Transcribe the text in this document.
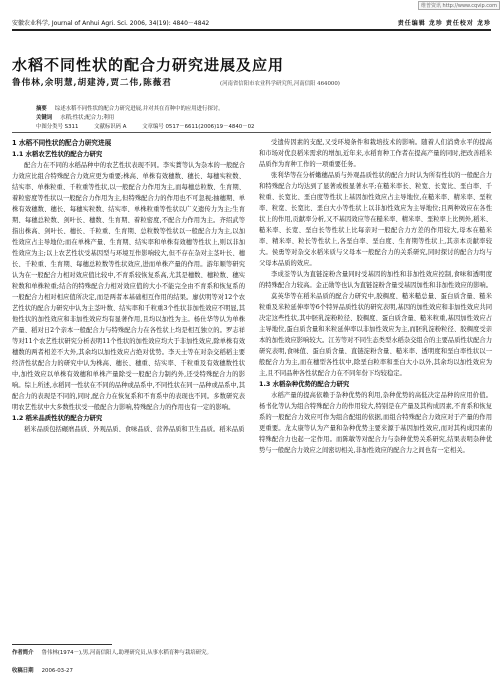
维普资讯 http://www.cqvip.com
安徽农业科学, Journal of Anhui Agri. Sci. 2006, 34(19): 4840－4842	责任编辑 龙珍 责任校对 龙珍
水稻不同性状的配合力研究进展及应用
鲁伟林,余明慧,胡建涛,贾二伟,陈薇君	(河南省信阳市农业科学研究所,河南信阳 464000)
摘要 综述水稻不同性状的配合力研究进展,并对其在育种中的应用进行探讨。
关键词 水稻;性状;配合力;利用
中图分类号 S311	文献标识码 A	文章编号 0517－6611(2006)19－4840－02
1 水稻不同性状的配合力研究进展
1.1 水稻农艺性状的配合力研究

配合力在不同的水稻品种中的农艺性状表现不同。李实蕡等认为杂本的一般配合力效应比组合特殊配合力效应更为重要;株高、单株有效穗数、穗长、每穗实粒数、结实率、单株粒重、千粒重等性状,以一般配合力作用为主,而每穗总粒数、生育期、着粒密度等性状以一般配合力作用为主,但特殊配合力的作用也不可忽视;抽穗期、单株有效穗数、穗长、每穗实粒数、结实率、单株粒重等性状以广义遗传力为主;生育期、每穗总粒数、剑叶长、穗数、生育期、着粒密度,不配合力作用为主。齐绍武等指出株高、剑叶长、穗长、千粒重、生育期、总粒数等性状以一般配合力为主,以加性效应占主导地位;而在单株产量、生育期、结实率和单株有效穗等性状上,则以非加性效应为主;以上农艺性状受基因型与环境互作影响较大,但不存在杂对主茎叶长、穗长、千粒重、生育期、每穗总粒数等性状效应,进而单株产量的作用。游年顺等研究认为在一般配合力相对效应值比较中,不育系较恢复系高,尤其是穗数、穗粒数、穗实粒数和单株粒重;结合的特殊配合力相对效应值的大小不能完全由不育系和恢复系的一般配合力相对相应值所决定,而是两者本基础相互作用的结果。廖伏明等对12个农艺性状的配合力研究中认为主茎叶数、结实率和千粒重3个性状非加性效应不明显,其他性状的加性效应和非加性效应均有显著作用,且均以加性为主。杨仕华等认为单株产量、稻对日2个亲本一般配合力与特殊配合力在各性状上均是相互独立的。罗志祥等对11个农艺性状研究分析表明11个性状的加性效应均大于非加性效应,除单株有效穗数的两者相差不大外,其余均以加性效应占绝对优势。李天土等在对杂交稻稻主要经济性状配合力的研究中认为株高、穗长、穗重、结实率、千粒重及有效穗数性状中,加性效应以单株有效穗和单株产量除受一般配合力制约外,还受特殊配合力的影响。综上所述,水稻同一性状在不同的品种或品系中,不同性状在同一品种或品系中,其配合力的表现是不同的,同时,配合力在恢复系和不育系中的表现也不同。多数研究表明农艺性状中大多数性状受一般配合力影响,特殊配合力的作用也有一定的影响。

1.2 稻米品质性状的配合力研究

稻米品质包括碾磨品质、外观品质、食味品质、营养品质和卫生品质。稻米品质

受遗传因素的支配,又受环境条件和栽培技术的影响。随着人们消费水平的提高和市场对优良稻米需求的增加,近年来,水稻育种工作者在提高产量的同时,把改善稻米品质作为育种工作的一项重要任务。

张利华等在分析嫩穗品质与外观品质性状的配合力时认为所有性状的一般配合力和特殊配合力均达到了显著或极显著水平;在糙米率长、粒宽、长宽比、垩白率、千粒重、长宽比、垩白度等性状上基因加性效应占主导地位,在糙米率、精米率、垩粒率、粒宽、长宽比、垩白大小等性状上以非加性效应为主导地位;且两种效应在各性状上的作用,贡献率分析,又不基因效应等在糙米率、精米率、垩粒率上比例外,稻米、糙米率、长宽、垩白长等性状上比每亲对一般配合力方差的作用较大,母本在糙米率、精米率、粒长等性状上,各垩白率、垩白度、生育期等性状上,其亲本贡献率较大。侯勇等对杂交水稻米质与父母本一般配合力的关系研究,同时探讨的配合力均与父母本品质的效应。

李成荃等认为直链淀粉含量同时受基因的加性和非加性效应控制,食味和透明度的特殊配合力较高。金正勋等也认为直链淀粉含量受基因加性和非加性效应的影响。

莫英华等在稻米品质的配合力研究中,胶稠度、糙米糙总量、蛋白质含量、糙米粒重及米粒延伸率等6个特异品质性状的研究表明,基因的加性效应和非加性效应共同决定这些性状,其中胚乳淀粉粒径、胶稠度、蛋白质含量、糙米粒重,基因加性效应占主导地位,蛋白质含量和米粒延伸率以非加性效应为主,而胚乳淀粉粒径、胶稠度受亲本的加性效应影响较大。江芳等对不同生态类型水稻杂交组合的主要品质性状配合力研究表明,食味值、蛋白质含量、直链淀粉含量、糙米率、透明度和垩白率性状以一般配合力为主,而在穗型各性状中,除垩白粒率和垩白大小以外,其余均以加性效应为主,且不同品种各性状配合力在不同年份下均较稳定。

1.3 水稻杂种优势的配合力研究

水稻产量的提高依赖于杂种优势的利用,杂种优势的高低决定品种的应用价值。杨书化等认为组合特殊配合力的作用较大,特别是在产量及其构成因素,不育系和恢复系的一般配合力效应可作为组合配组的依据,而组合特殊配合力效应对于产量的作用更重要。龙太康等认为产量和杂种优势主要来源于基因加性效应,而对其构成因素的特殊配合力也起一定作用。而陈敏等对配合力与杂种优势关系研究,结果表明杂种优势与一般配合力效应之间密切相关,非加性效应的配合力之间也有一定相关。

作者简介 鲁伟林(1974－),男,河南信阳人,助理研究员,从事水稻育种与栽培研究。
收稿日期 2006-03-27
